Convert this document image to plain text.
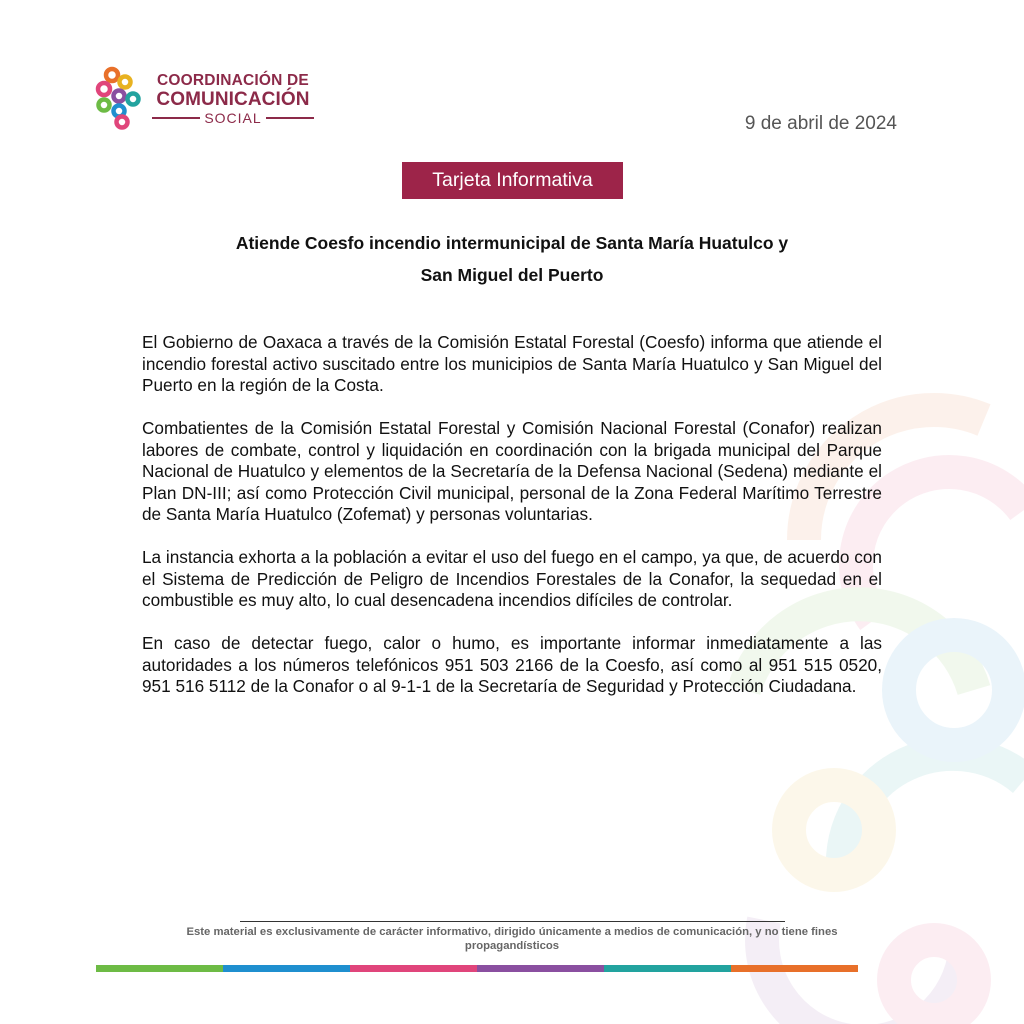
COORDINACIÓN DE
COMUNICACIÓN
SOCIAL	9 de abril de 2024
Tarjeta Informativa
Atiende Coesfo incendio intermunicipal de Santa María Huatulco y
San Miguel del Puerto

El Gobierno de Oaxaca a través de la Comisión Estatal Forestal (Coesfo) informa que atiende el incendio forestal activo suscitado entre los municipios de Santa María Huatulco y San Miguel del Puerto en la región de la Costa.

Combatientes de la Comisión Estatal Forestal y Comisión Nacional Forestal (Conafor) realizan labores de combate, control y liquidación en coordinación con la brigada municipal del Parque Nacional de Huatulco y elementos de la Secretaría de la Defensa Nacional (Sedena) mediante el Plan DN-III; así como Protección Civil municipal, personal de la Zona Federal Marítimo Terrestre de Santa María Huatulco (Zofemat) y personas voluntarias.

La instancia exhorta a la población a evitar el uso del fuego en el campo, ya que, de acuerdo con el Sistema de Predicción de Peligro de Incendios Forestales de la Conafor, la sequedad en el combustible es muy alto, lo cual desencadena incendios difíciles de controlar.

En caso de detectar fuego, calor o humo, es importante informar inmediatamente a las autoridades a los números telefónicos 951 503 2166 de la Coesfo, así como al 951 515 0520, 951 516 5112 de la Conafor o al 9-1-1 de la Secretaría de Seguridad y Protección Ciudadana.

Este material es exclusivamente de carácter informativo, dirigido únicamente a medios de comunicación, y no tiene fines
propagandísticos
